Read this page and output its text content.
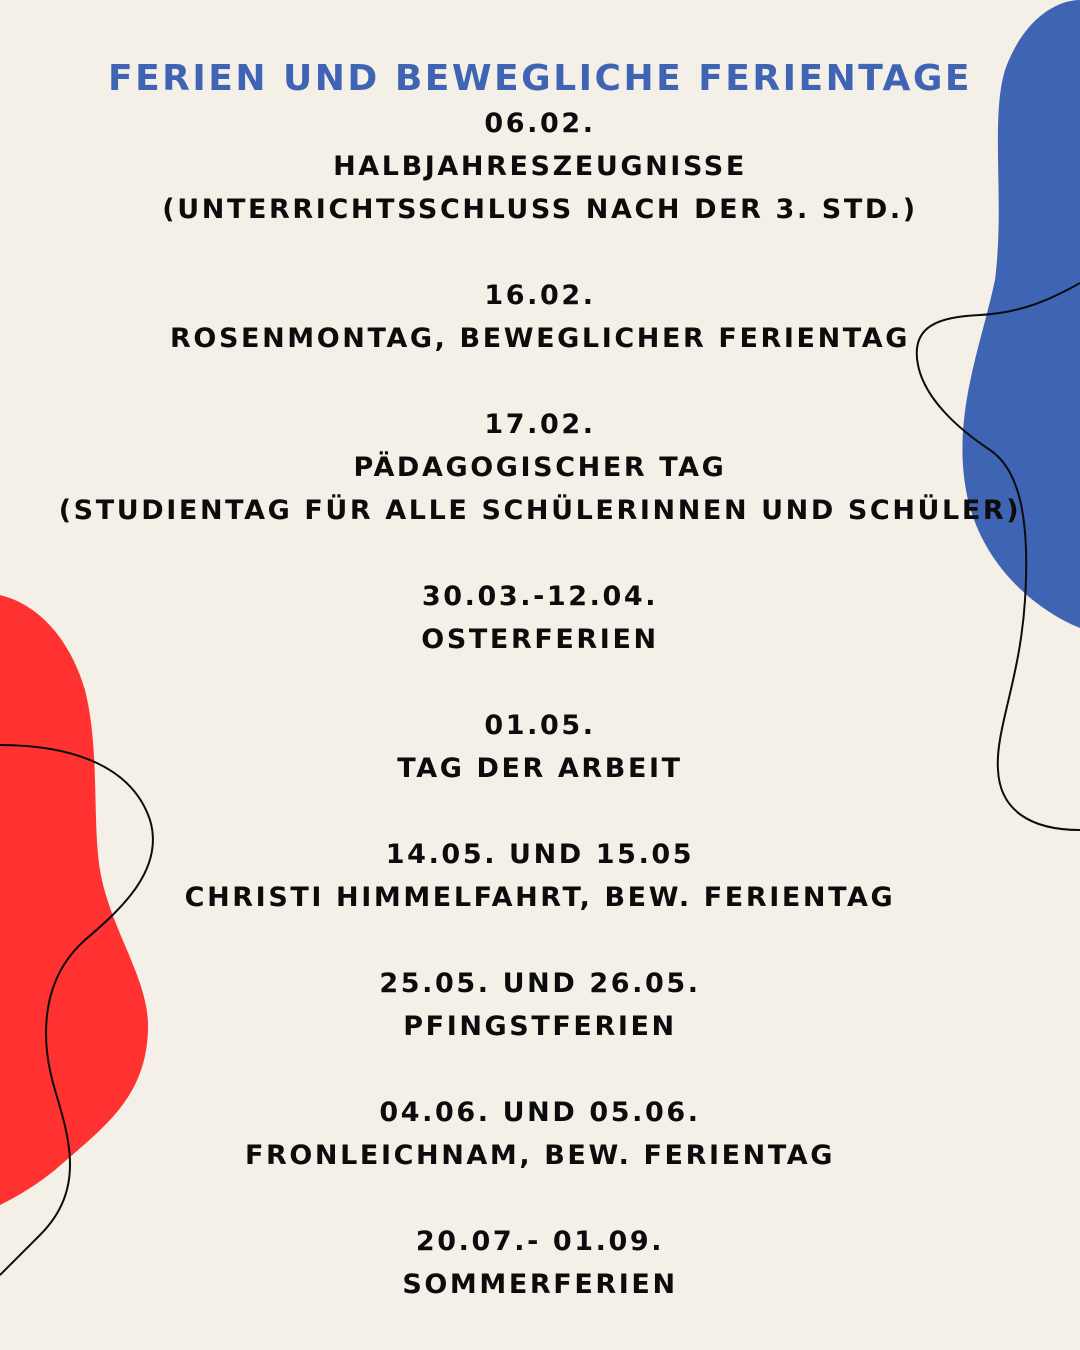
FERIEN UND BEWEGLICHE FERIENTAGE
06.02.
HALBJAHRESZEUGNISSE
(UNTERRICHTSSCHLUSS NACH DER 3. STD.)
16.02.
ROSENMONTAG, BEWEGLICHER FERIENTAG
17.02.
PÄDAGOGISCHER TAG
(STUDIENTAG FÜR ALLE SCHÜLERINNEN UND SCHÜLER)
30.03.-12.04.
OSTERFERIEN
01.05.
TAG DER ARBEIT
14.05. UND 15.05
CHRISTI HIMMELFAHRT, BEW. FERIENTAG
25.05. UND 26.05.
PFINGSTFERIEN
04.06. UND 05.06.
FRONLEICHNAM, BEW. FERIENTAG
20.07.- 01.09.
SOMMERFERIEN
